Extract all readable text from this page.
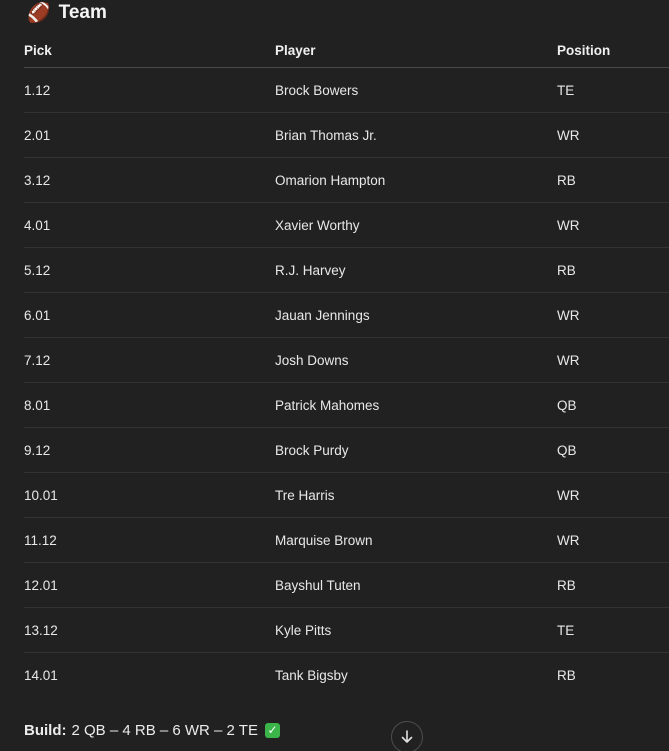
🏈 Team
Pick	Player	Position
1.12	Brock Bowers	TE
2.01	Brian Thomas Jr.	WR
3.12	Omarion Hampton	RB
4.01	Xavier Worthy	WR
5.12	R.J. Harvey	RB
6.01	Jauan Jennings	WR
7.12	Josh Downs	WR
8.01	Patrick Mahomes	QB
9.12	Brock Purdy	QB
10.01	Tre Harris	WR
11.12	Marquise Brown	WR
12.01	Bayshul Tuten	RB
13.12	Kyle Pitts	TE
14.01	Tank Bigsby	RB
Build: 2 QB – 4 RB – 6 WR – 2 TE ✓
